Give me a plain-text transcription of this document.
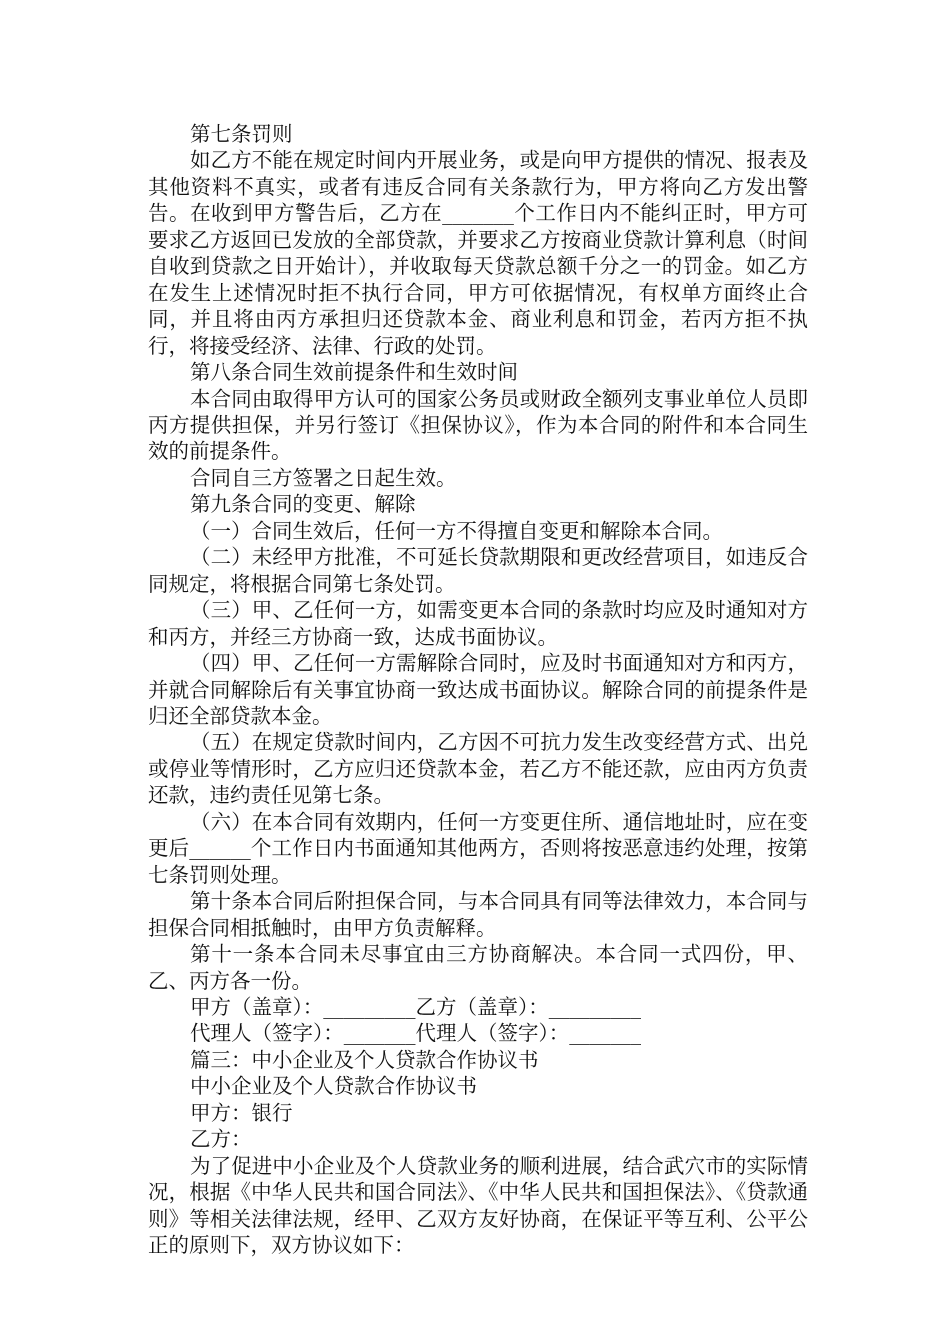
第七条罚则

如乙方不能在规定时间内开展业务，或是向甲方提供的情况、报表及其他资料不真实，或者有违反合同有关条款行为，甲方将向乙方发出警告。在收到甲方警告后，乙方在_______个工作日内不能纠正时，甲方可要求乙方返回已发放的全部贷款，并要求乙方按商业贷款计算利息（时间自收到贷款之日开始计），并收取每天贷款总额千分之一的罚金。如乙方在发生上述情况时拒不执行合同，甲方可依据情况，有权单方面终止合同，并且将由丙方承担归还贷款本金、商业利息和罚金，若丙方拒不执行，将接受经济、法律、行政的处罚。

第八条合同生效前提条件和生效时间

本合同由取得甲方认可的国家公务员或财政全额列支事业单位人员即丙方提供担保，并另行签订《担保协议》，作为本合同的附件和本合同生效的前提条件。

合同自三方签署之日起生效。

第九条合同的变更、解除

（一）合同生效后，任何一方不得擅自变更和解除本合同。

（二）未经甲方批准，不可延长贷款期限和更改经营项目，如违反合同规定，将根据合同第七条处罚。

（三）甲、乙任何一方，如需变更本合同的条款时均应及时通知对方和丙方，并经三方协商一致，达成书面协议。

（四）甲、乙任何一方需解除合同时，应及时书面通知对方和丙方，并就合同解除后有关事宜协商一致达成书面协议。解除合同的前提条件是归还全部贷款本金。

（五）在规定贷款时间内，乙方因不可抗力发生改变经营方式、出兑或停业等情形时，乙方应归还贷款本金，若乙方不能还款，应由丙方负责还款，违约责任见第七条。

（六）在本合同有效期内，任何一方变更住所、通信地址时，应在变更后______个工作日内书面通知其他两方，否则将按恶意违约处理，按第七条罚则处理。

第十条本合同后附担保合同，与本合同具有同等法律效力，本合同与担保合同相抵触时，由甲方负责解释。

第十一条本合同未尽事宜由三方协商解决。本合同一式四份，甲、乙、丙方各一份。

甲方（盖章）：_________乙方（盖章）：_________

代理人（签字）：_______代理人（签字）：_______

篇三：中小企业及个人贷款合作协议书

中小企业及个人贷款合作协议书

甲方：银行

乙方：

为了促进中小企业及个人贷款业务的顺利进展，结合武穴市的实际情况，根据《中华人民共和国合同法》、《中华人民共和国担保法》、《贷款通则》等相关法律法规，经甲、乙双方友好协商，在保证平等互利、公平公正的原则下，双方协议如下：
